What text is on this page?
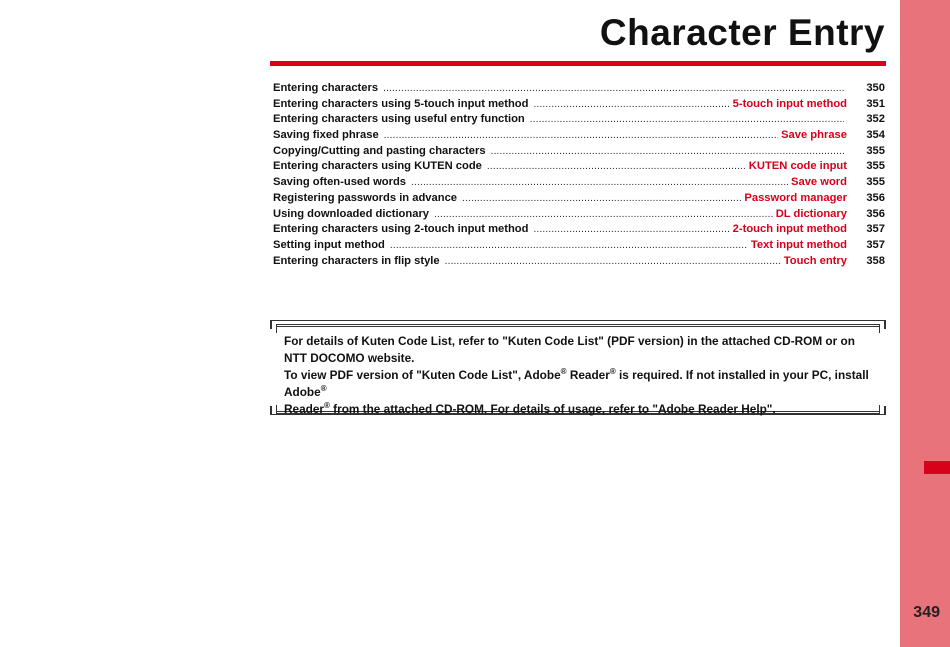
349
Character Entry
Entering characters .....	350
Entering characters using 5-touch input method .....	5-touch input method	351
Entering characters using useful entry function .....	352
Saving fixed phrase .....	Save phrase	354
Copying/Cutting and pasting characters .....	355
Entering characters using KUTEN code .....	KUTEN code input	355
Saving often-used words .....	Save word	355
Registering passwords in advance .....	Password manager	356
Using downloaded dictionary .....	DL dictionary	356
Entering characters using 2-touch input method .....	2-touch input method	357
Setting input method .....	Text input method	357
Entering characters in flip style .....	Touch entry	358

For details of Kuten Code List, refer to "Kuten Code List" (PDF version) in the attached CD-ROM or on NTT DOCOMO website.

To view PDF version of "Kuten Code List", Adobe® Reader® is required. If not installed in your PC, install Adobe®
Reader® from the attached CD-ROM. For details of usage, refer to "Adobe Reader Help".
